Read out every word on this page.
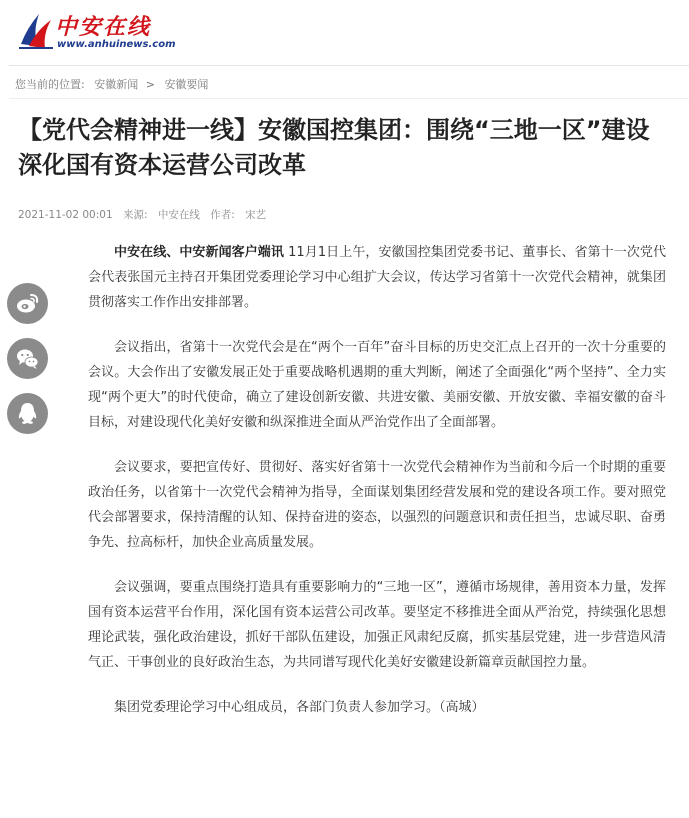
中安在线
www.anhuinews.com
您当前的位置: 安徽新闻 > 安徽要闻
【党代会精神进一线】安徽国控集团：围绕“三地一区”建设 深化国有资本运营公司改革
2021-11-02 00:01 来源: 中安在线 作者: 宋艺

中安在线、中安新闻客户端讯 11月1日上午，安徽国控集团党委书记、董事长、省第十一次党代会代表张国元主持召开集团党委理论学习中心组扩大会议，传达学习省第十一次党代会精神，就集团贯彻落实工作作出安排部署。

会议指出，省第十一次党代会是在“两个一百年”奋斗目标的历史交汇点上召开的一次十分重要的会议。大会作出了安徽发展正处于重要战略机遇期的重大判断，阐述了全面强化“两个坚持”、全力实现“两个更大”的时代使命，确立了建设创新安徽、共进安徽、美丽安徽、开放安徽、幸福安徽的奋斗目标，对建设现代化美好安徽和纵深推进全面从严治党作出了全面部署。

会议要求，要把宣传好、贯彻好、落实好省第十一次党代会精神作为当前和今后一个时期的重要政治任务，以省第十一次党代会精神为指导，全面谋划集团经营发展和党的建设各项工作。要对照党代会部署要求，保持清醒的认知、保持奋进的姿态，以强烈的问题意识和责任担当，忠诚尽职、奋勇争先、拉高标杆，加快企业高质量发展。

会议强调，要重点围绕打造具有重要影响力的“三地一区”，遵循市场规律，善用资本力量，发挥国有资本运营平台作用，深化国有资本运营公司改革。要坚定不移推进全面从严治党，持续强化思想理论武装，强化政治建设，抓好干部队伍建设，加强正风肃纪反腐，抓实基层党建，进一步营造风清气正、干事创业的良好政治生态，为共同谱写现代化美好安徽建设新篇章贡献国控力量。

集团党委理论学习中心组成员，各部门负责人参加学习。（高城）
